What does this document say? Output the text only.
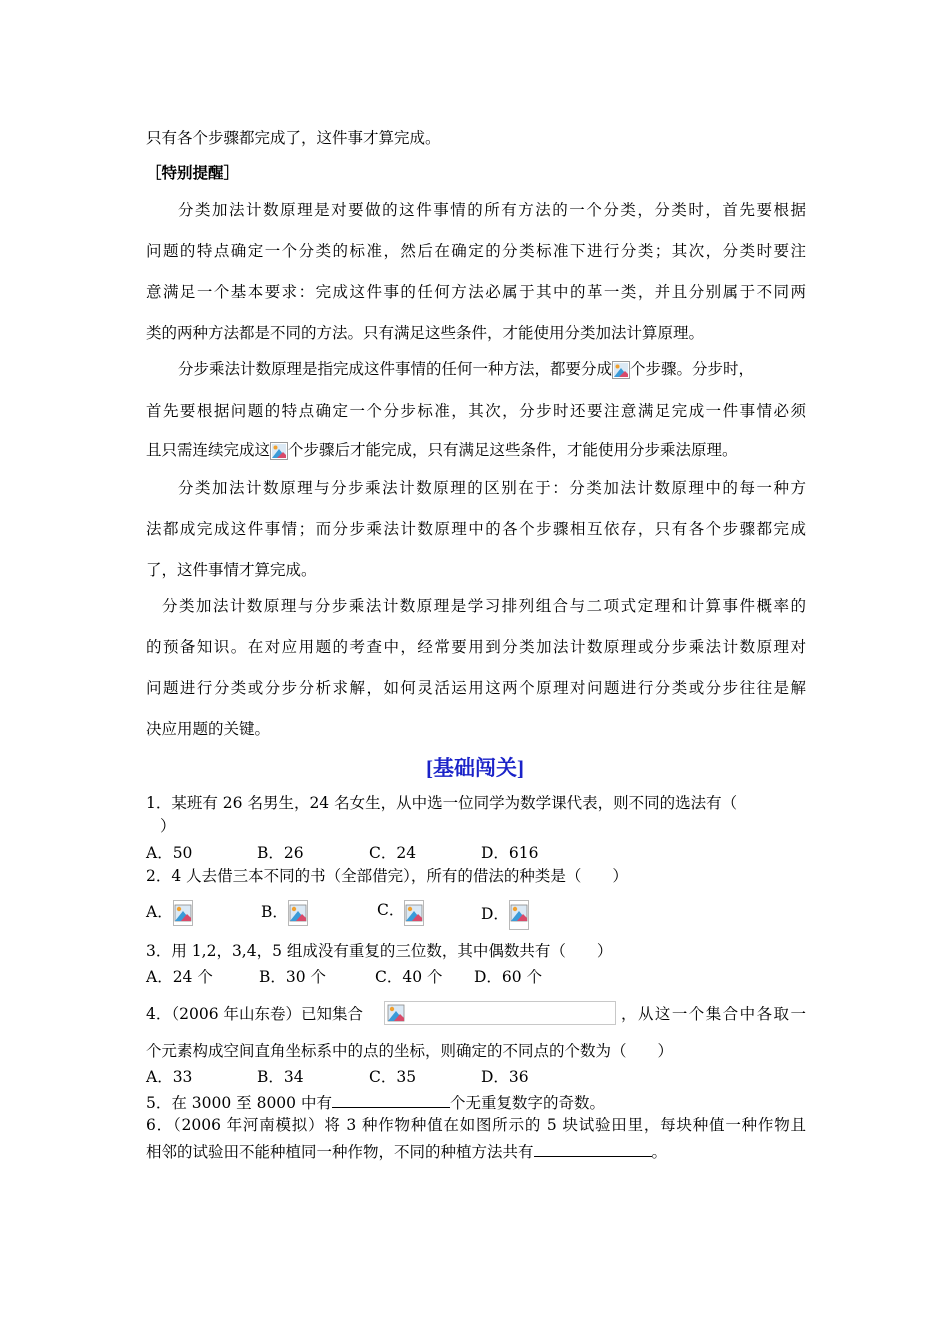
只有各个步骤都完成了，这件事才算完成。
［特别提醒］
分类加法计数原理是对要做的这件事情的所有方法的一个分类，分类时，首先要根据
问题的特点确定一个分类的标准，然后在确定的分类标准下进行分类；其次，分类时要注
意满足一个基本要求：完成这件事的任何方法必属于其中的革一类，并且分别属于不同两
类的两种方法都是不同的方法。只有满足这些条件，才能使用分类加法计算原理。
分步乘法计数原理是指完成这件事情的任何一种方法，都要分成 个步骤。分步时，
首先要根据问题的特点确定一个分步标准，其次，分步时还要注意满足完成一件事情必须
且只需连续完成这 个步骤后才能完成，只有满足这些条件，才能使用分步乘法原理。
分类加法计数原理与分步乘法计数原理的区别在于：分类加法计数原理中的每一种方
法都成完成这件事情；而分步乘法计数原理中的各个步骤相互依存，只有各个步骤都完成
了，这件事情才算完成。
分类加法计数原理与分步乘法计数原理是学习排列组合与二项式定理和计算事件概率的
的预备知识。在对应用题的考查中，经常要用到分类加法计数原理或分步乘法计数原理对
问题进行分类或分步分析求解，如何灵活运用这两个原理对问题进行分类或分步往往是解
决应用题的关键。
[基础闯关]
1．某班有 26 名男生，24 名女生，从中选一位同学为数学课代表，则不同的选法有（
）
A．50	B．26	C．24	D．616
2．4 人去借三本不同的书（全部借完），所有的借法的种类是（　　）
A．	B．	C．	D．
3．用 1,2，3,4，5 组成没有重复的三位数，其中偶数共有（　　）
A．24 个	B．30 个	C．40 个 D．60 个
4．（2006 年山东卷）已知集合	，从这一个集合中各取一
个元素构成空间直角坐标系中的点的坐标，则确定的不同点的个数为（　　）
A．33	B．34	C．35	D．36
5．在 3000 至 8000 中有	个无重复数字的奇数。
6．（2006 年河南模拟）将 3 种作物种值在如图所示的 5 块试验田里，每块种值一种作物且
相邻的试验田不能种植同一种作物，不同的种植方法共有	。
